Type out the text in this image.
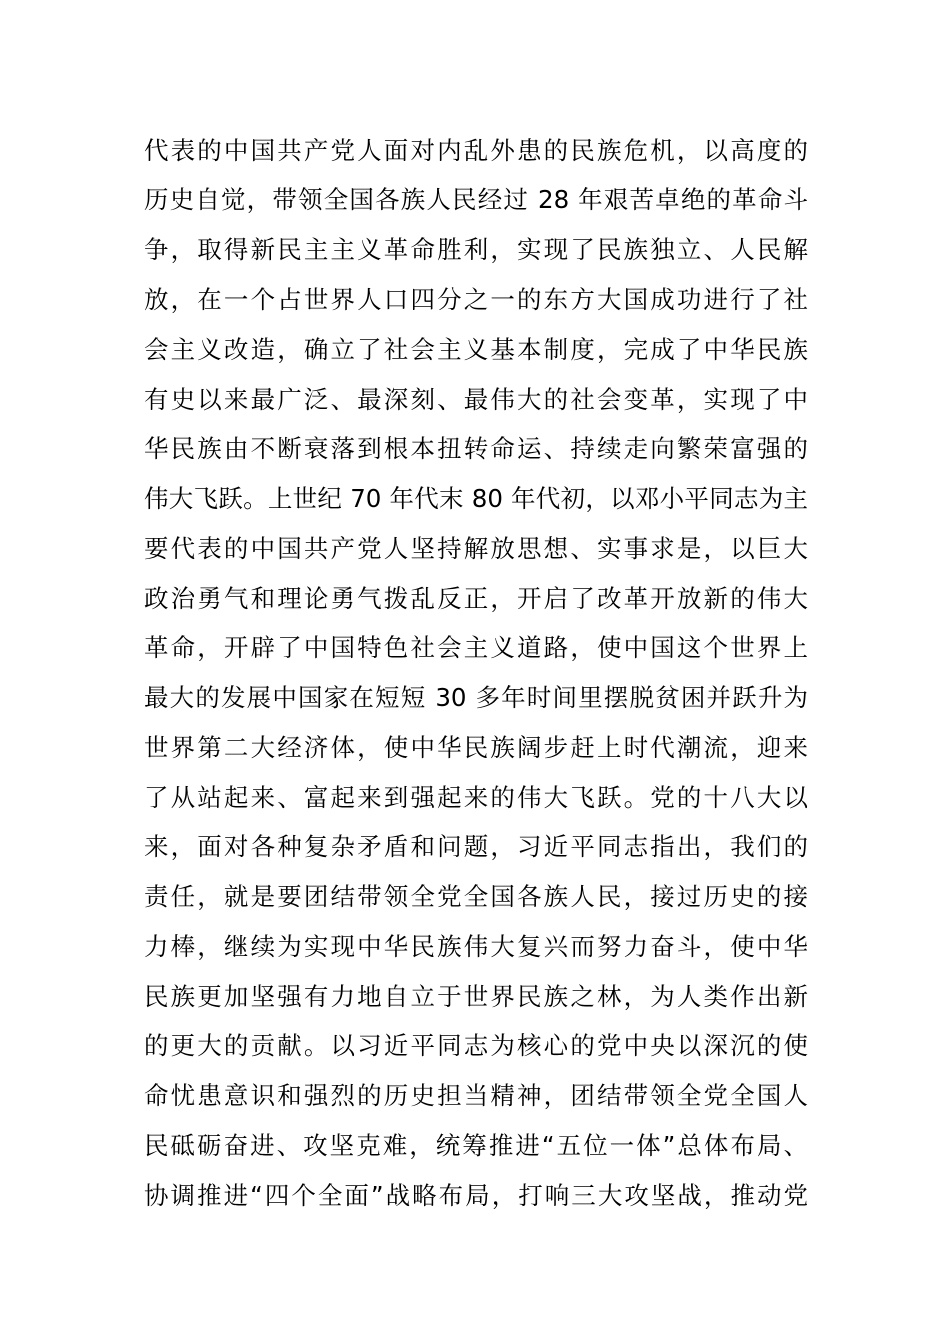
代表的中国共产党人面对内乱外患的民族危机，以高度的
历史自觉，带领全国各族人民经过 28 年艰苦卓绝的革命斗
争，取得新民主主义革命胜利，实现了民族独立、人民解
放，在一个占世界人口四分之一的东方大国成功进行了社
会主义改造，确立了社会主义基本制度，完成了中华民族
有史以来最广泛、最深刻、最伟大的社会变革，实现了中
华民族由不断衰落到根本扭转命运、持续走向繁荣富强的
伟大飞跃。上世纪 70 年代末 80 年代初，以邓小平同志为主
要代表的中国共产党人坚持解放思想、实事求是，以巨大
政治勇气和理论勇气拨乱反正，开启了改革开放新的伟大
革命，开辟了中国特色社会主义道路，使中国这个世界上
最大的发展中国家在短短 30 多年时间里摆脱贫困并跃升为
世界第二大经济体，使中华民族阔步赶上时代潮流，迎来
了从站起来、富起来到强起来的伟大飞跃。党的十八大以
来，面对各种复杂矛盾和问题，习近平同志指出，我们的
责任，就是要团结带领全党全国各族人民，接过历史的接
力棒，继续为实现中华民族伟大复兴而努力奋斗，使中华
民族更加坚强有力地自立于世界民族之林，为人类作出新
的更大的贡献。以习近平同志为核心的党中央以深沉的使
命忧患意识和强烈的历史担当精神，团结带领全党全国人
民砥砺奋进、攻坚克难，统筹推进“五位一体”总体布局、
协调推进“四个全面”战略布局，打响三大攻坚战，推动党
